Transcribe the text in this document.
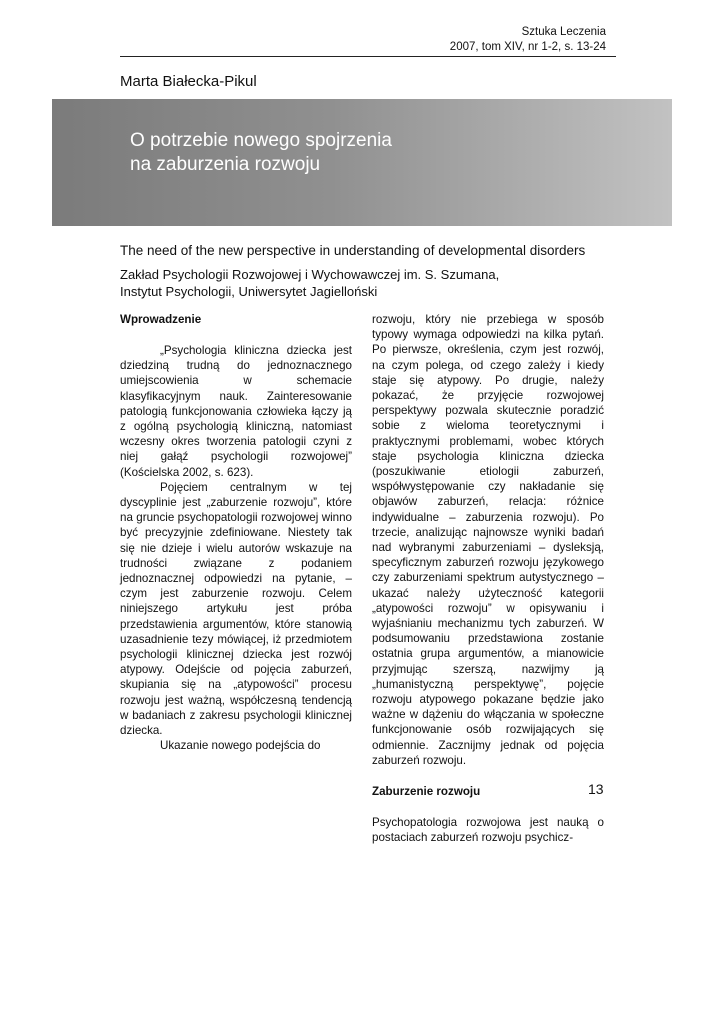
Sztuka Leczenia
2007, tom XIV, nr 1-2, s. 13-24
Marta Białecka-Pikul
O potrzebie nowego spojrzenia
na zaburzenia rozwoju
The need of the new perspective in understanding of developmental disorders
Zakład Psychologii Rozwojowej i Wychowawczej im. S. Szumana,
Instytut Psychologii, Uniwersytet Jagielloński
Wprowadzenie

„Psychologia kliniczna dziecka jest dziedziną trudną do jednoznacznego umiejscowienia w schemacie klasyfikacyjnym nauk. Zainteresowanie patologią funkcjonowania człowieka łączy ją z ogólną psychologią kliniczną, natomiast wczesny okres tworzenia patologii czyni z niej gałąź psychologii rozwojowej” (Kościelska 2002, s. 623).

Pojęciem centralnym w tej dyscyplinie jest „zaburzenie rozwoju”, które na gruncie psychopatologii rozwojowej winno być precyzyjnie zdefiniowane. Niestety tak się nie dzieje i wielu autorów wskazuje na trudności związane z podaniem jednoznacznej odpowiedzi na pytanie, – czym jest zaburzenie rozwoju. Celem niniejszego artykułu jest próba przedstawienia argumentów, które stanowią uzasadnienie tezy mówiącej, iż przedmiotem psychologii klinicznej dziecka jest rozwój atypowy. Odejście od pojęcia zaburzeń, skupiania się na „atypowości” procesu rozwoju jest ważną, współczesną tendencją w badaniach z zakresu psychologii klinicznej dziecka.

Ukazanie nowego podejścia do

rozwoju, który nie przebiega w sposób typowy wymaga odpowiedzi na kilka pytań. Po pierwsze, określenia, czym jest rozwój, na czym polega, od czego zależy i kiedy staje się atypowy. Po drugie, należy pokazać, że przyjęcie rozwojowej perspektywy pozwala skutecznie poradzić sobie z wieloma teoretycznymi i praktycznymi problemami, wobec których staje psychologia kliniczna dziecka (poszukiwanie etiologii zaburzeń, współwystępowanie czy nakładanie się objawów zaburzeń, relacja: różnice indywidualne – zaburzenia rozwoju). Po trzecie, analizując najnowsze wyniki badań nad wybranymi zaburzeniami – dysleksją, specyficznym zaburzeń rozwoju językowego czy zaburzeniami spektrum autystycznego – ukazać należy użyteczność kategorii „atypowości rozwoju” w opisywaniu i wyjaśnianiu mechanizmu tych zaburzeń. W podsumowaniu przedstawiona zostanie ostatnia grupa argumentów, a mianowicie przyjmując szerszą, nazwijmy ją „humanistyczną perspektywę”, pojęcie rozwoju atypowego pokazane będzie jako ważne w dążeniu do włączania w społeczne funkcjonowanie osób rozwijających się odmiennie. Zacznijmy jednak od pojęcia zaburzeń rozwoju.

Zaburzenie rozwoju

Psychopatologia rozwojowa jest nauką o postaciach zaburzeń rozwoju psychicz-

13
